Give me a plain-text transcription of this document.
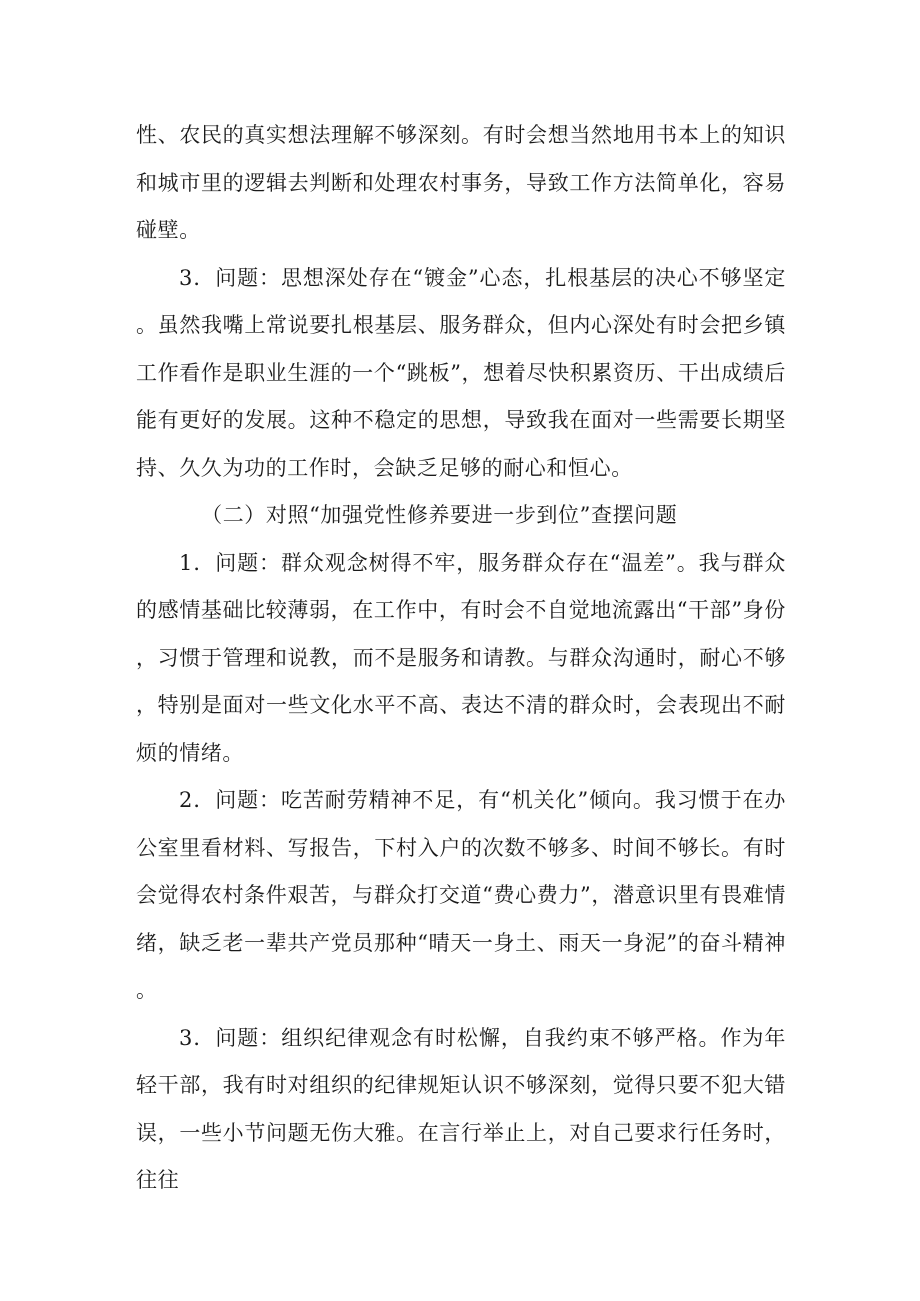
性、农民的真实想法理解不够深刻。有时会想当然地用书本上的知识和城市里的逻辑去判断和处理农村事务，导致工作方法简单化，容易碰壁。

3．问题：思想深处存在“镀金”心态，扎根基层的决心不够坚定。虽然我嘴上常说要扎根基层、服务群众，但内心深处有时会把乡镇工作看作是职业生涯的一个“跳板”，想着尽快积累资历、干出成绩后能有更好的发展。这种不稳定的思想，导致我在面对一些需要长期坚持、久久为功的工作时，会缺乏足够的耐心和恒心。

（二）对照“加强党性修养要进一步到位”查摆问题

1．问题：群众观念树得不牢，服务群众存在“温差”。我与群众的感情基础比较薄弱，在工作中，有时会不自觉地流露出“干部”身份，习惯于管理和说教，而不是服务和请教。与群众沟通时，耐心不够，特别是面对一些文化水平不高、表达不清的群众时，会表现出不耐烦的情绪。

2．问题：吃苦耐劳精神不足，有“机关化”倾向。我习惯于在办公室里看材料、写报告，下村入户的次数不够多、时间不够长。有时会觉得农村条件艰苦，与群众打交道“费心费力”，潜意识里有畏难情绪，缺乏老一辈共产党员那种“晴天一身土、雨天一身泥”的奋斗精神。

3．问题：组织纪律观念有时松懈，自我约束不够严格。作为年轻干部，我有时对组织的纪律规矩认识不够深刻，觉得只要不犯大错误，一些小节问题无伤大雅。在言行举止上，对自己要求行任务时，往往
